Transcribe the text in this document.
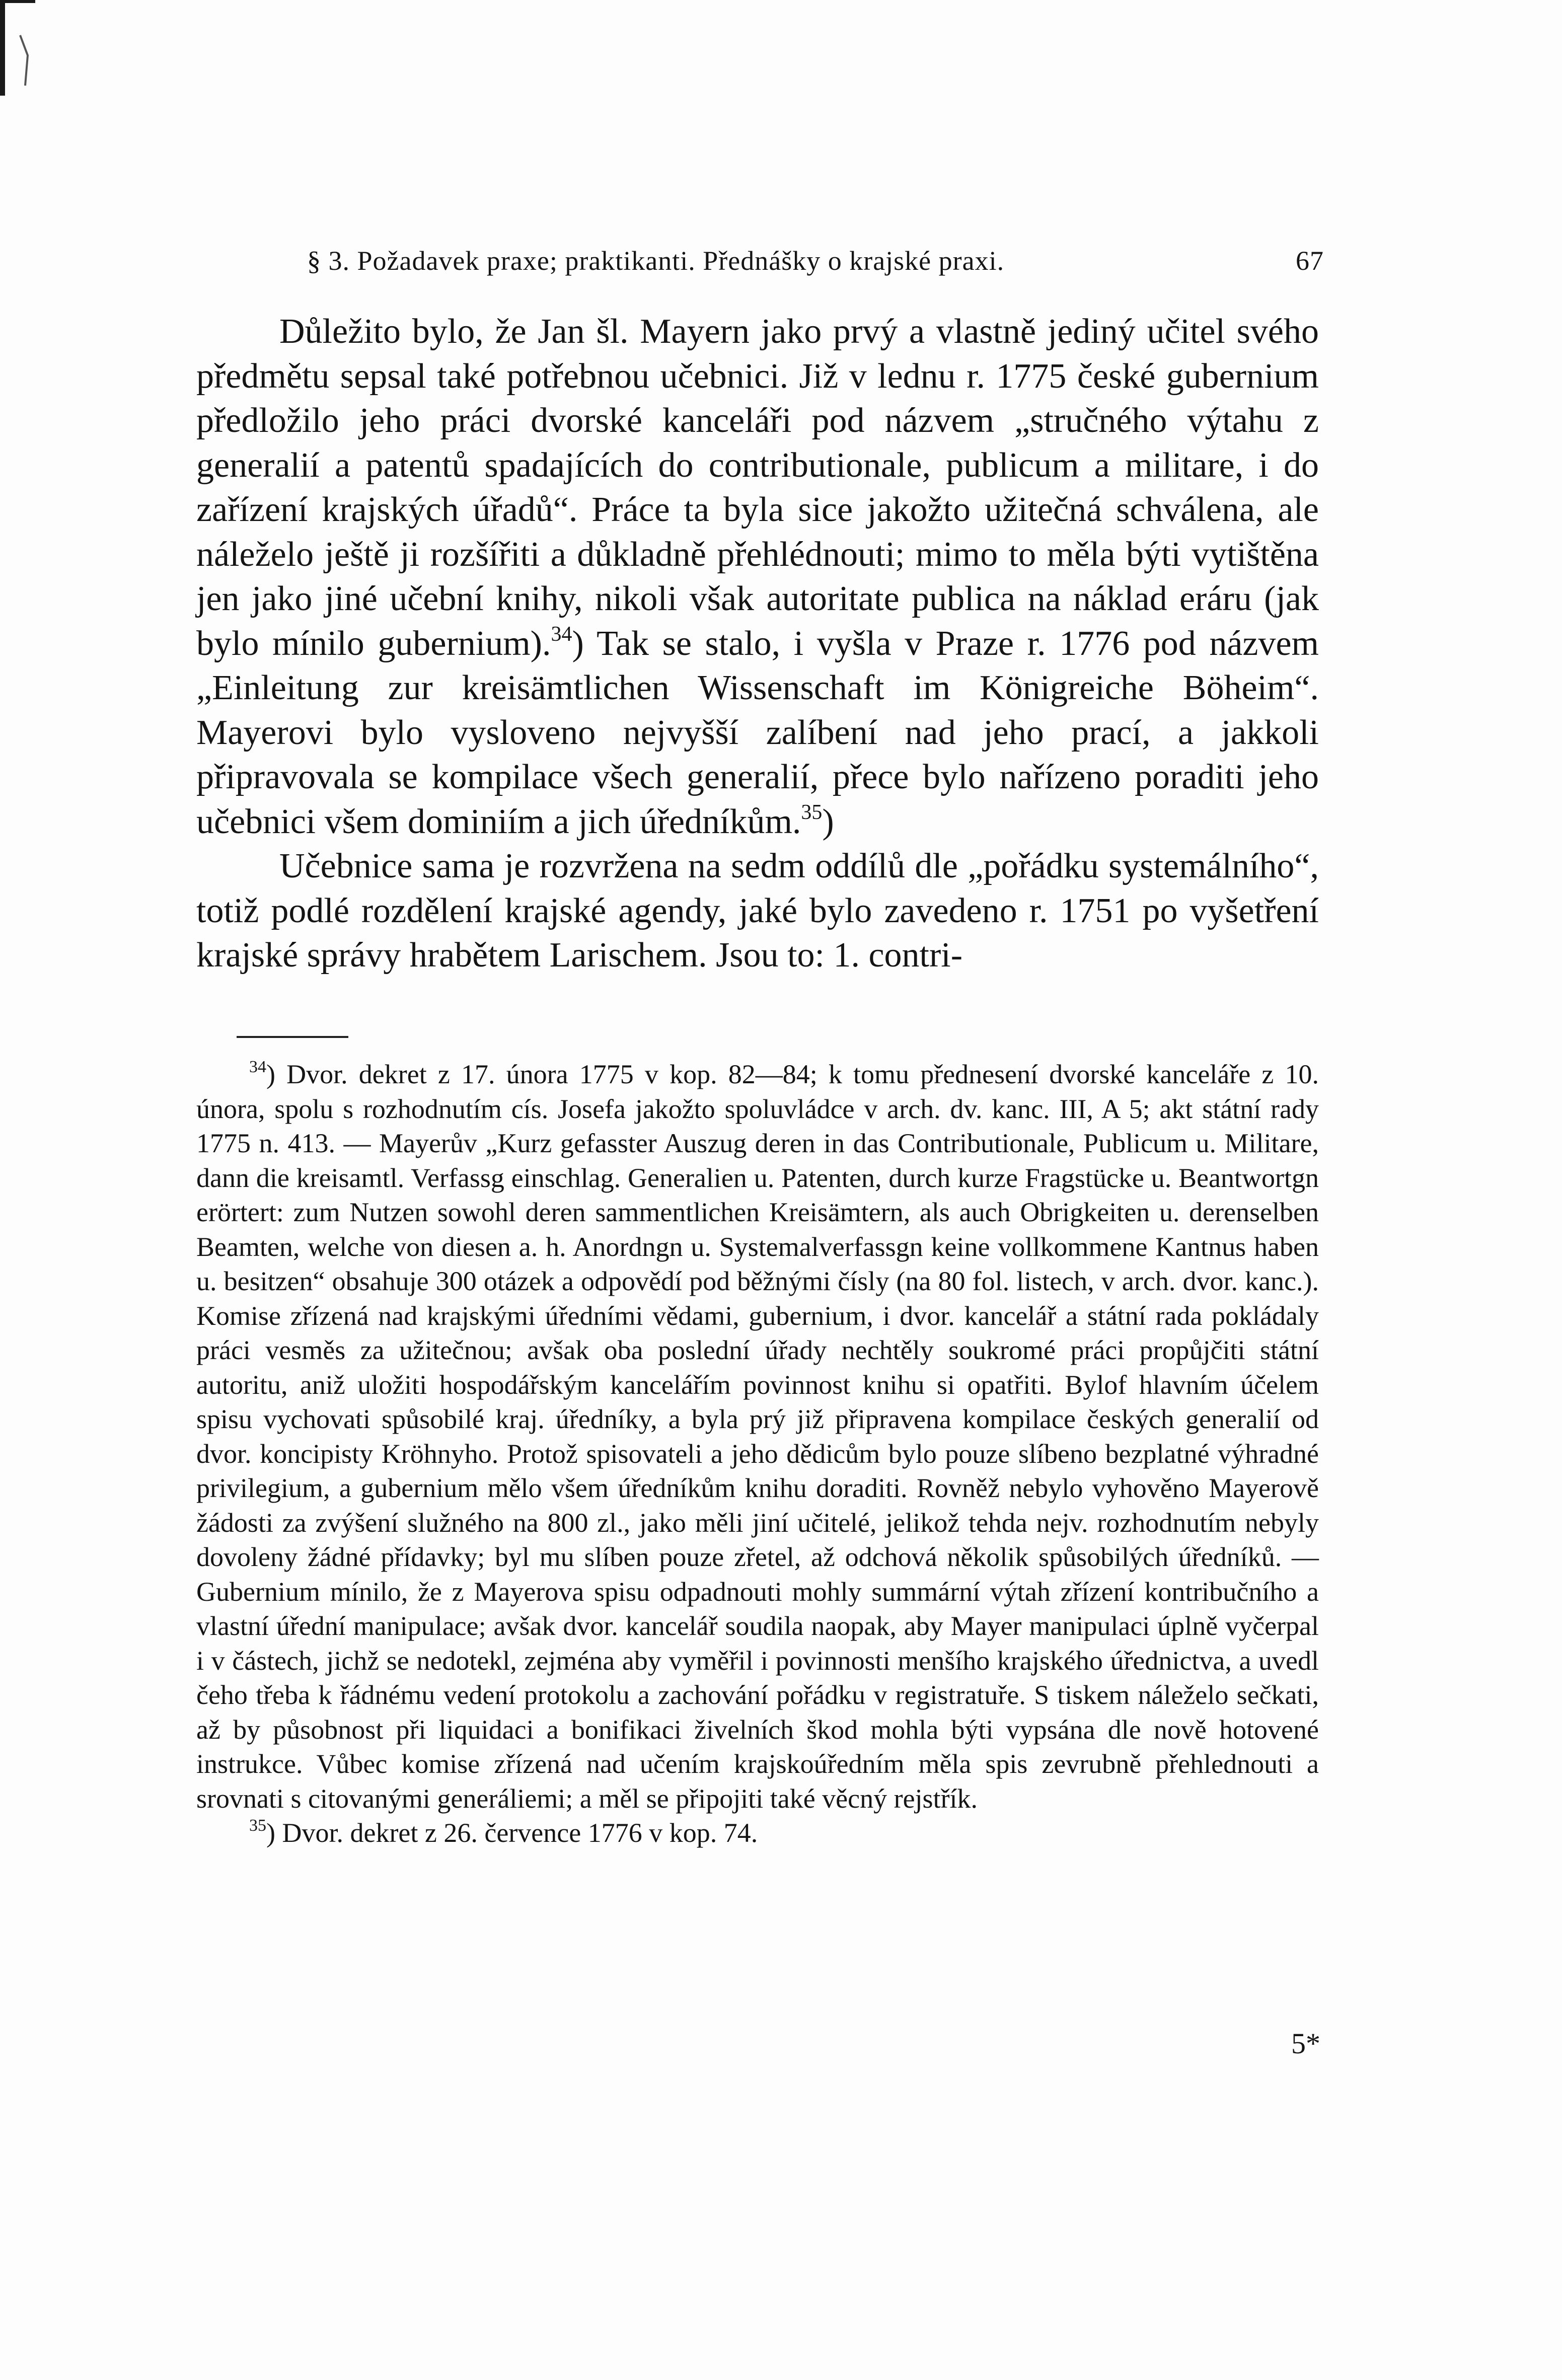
§ 3. Požadavek praxe; praktikanti. Přednášky o krajské praxi.	67

Důležito bylo, že Jan šl. Mayern jako prvý a vlastně jediný učitel svého předmětu sepsal také potřebnou učebnici. Již v lednu r. 1775 české gubernium předložilo jeho práci dvorské kanceláři pod názvem „stručného výtahu z generalií a patentů spadajících do contributionale, publicum a militare, i do zařízení krajských úřadů“. Práce ta byla sice jakožto užitečná schválena, ale náleželo ještě ji rozšířiti a důkladně přehlédnouti; mimo to měla býti vytištěna jen jako jiné učební knihy, nikoli však autoritate publica na náklad eráru (jak bylo mínilo gubernium).$^{34}$) Tak se stalo, i vyšla v Praze r. 1776 pod názvem „Einleitung zur kreisämtlichen Wissenschaft im Königreiche Böheim“. Mayerovi bylo vysloveno nejvyšší zalíbení nad jeho prací, a jakkoli připravovala se kompilace všech generalií, přece bylo nařízeno poraditi jeho učebnici všem dominiím a jich úředníkům.$^{35}$)

Učebnice sama je rozvržena na sedm oddílů dle „pořádku systemálního“, totiž podlé rozdělení krajské agendy, jaké bylo zavedeno r. 1751 po vyšetření krajské správy hrabětem Larischem. Jsou to: 1. contri-

$^{34}$) Dvor. dekret z 17. února 1775 v kop. 82—84; k tomu přednesení dvorské kanceláře z 10. února, spolu s rozhodnutím cís. Josefa jakožto spoluvládce v arch. dv. kanc. III, A 5; akt státní rady 1775 n. 413. — Mayerův „Kurz gefasster Auszug deren in das Contributionale, Publicum u. Militare, dann die kreisamtl. Verfassg einschlag. Generalien u. Patenten, durch kurze Fragstücke u. Beantwortgn erörtert: zum Nutzen sowohl deren sammentlichen Kreisämtern, als auch Obrigkeiten u. derenselben Beamten, welche von diesen a. h. Anordngn u. Systemalverfassgn keine vollkommene Kantnus haben u. besitzen“ obsahuje 300 otázek a odpovědí pod běžnými čísly (na 80 fol. listech, v arch. dvor. kanc.). Komise zřízená nad krajskými úředními vědami, gubernium, i dvor. kancelář a státní rada pokládaly práci vesměs za užitečnou; avšak oba poslední úřady nechtěly soukromé práci propůjčiti státní autoritu, aniž uložiti hospodářským kancelářím povinnost knihu si opatřiti. Bylof hlavním účelem spisu vychovati spůsobilé kraj. úředníky, a byla prý již připravena kompilace českých generalií od dvor. koncipisty Kröhnyho. Protož spisovateli a jeho dědicům bylo pouze slíbeno bezplatné výhradné privilegium, a gubernium mělo všem úředníkům knihu doraditi. Rovněž nebylo vyhověno Mayerově žádosti za zvýšení služného na 800 zl., jako měli jiní učitelé, jelikož tehda nejv. rozhodnutím nebyly dovoleny žádné přídavky; byl mu slíben pouze zřetel, až odchová několik spůsobilých úředníků. — Gubernium mínilo, že z Mayerova spisu odpadnouti mohly summární výtah zřízení kontribučního a vlastní úřední manipulace; avšak dvor. kancelář soudila naopak, aby Mayer manipulaci úplně vyčerpal i v částech, jichž se nedotekl, zejména aby vyměřil i povinnosti menšího krajského úřednictva, a uvedl čeho třeba k řádnému vedení protokolu a zachování pořádku v registratuře. S tiskem náleželo sečkati, až by působnost při liquidaci a bonifikaci živelních škod mohla býti vypsána dle nově hotovené instrukce. Vůbec komise zřízená nad učením krajskoúředním měla spis zevrubně přehlednouti a srovnati s citovanými generáliemi; a měl se připojiti také věcný rejstřík.

$^{35}$) Dvor. dekret z 26. července 1776 v kop. 74.

5*
